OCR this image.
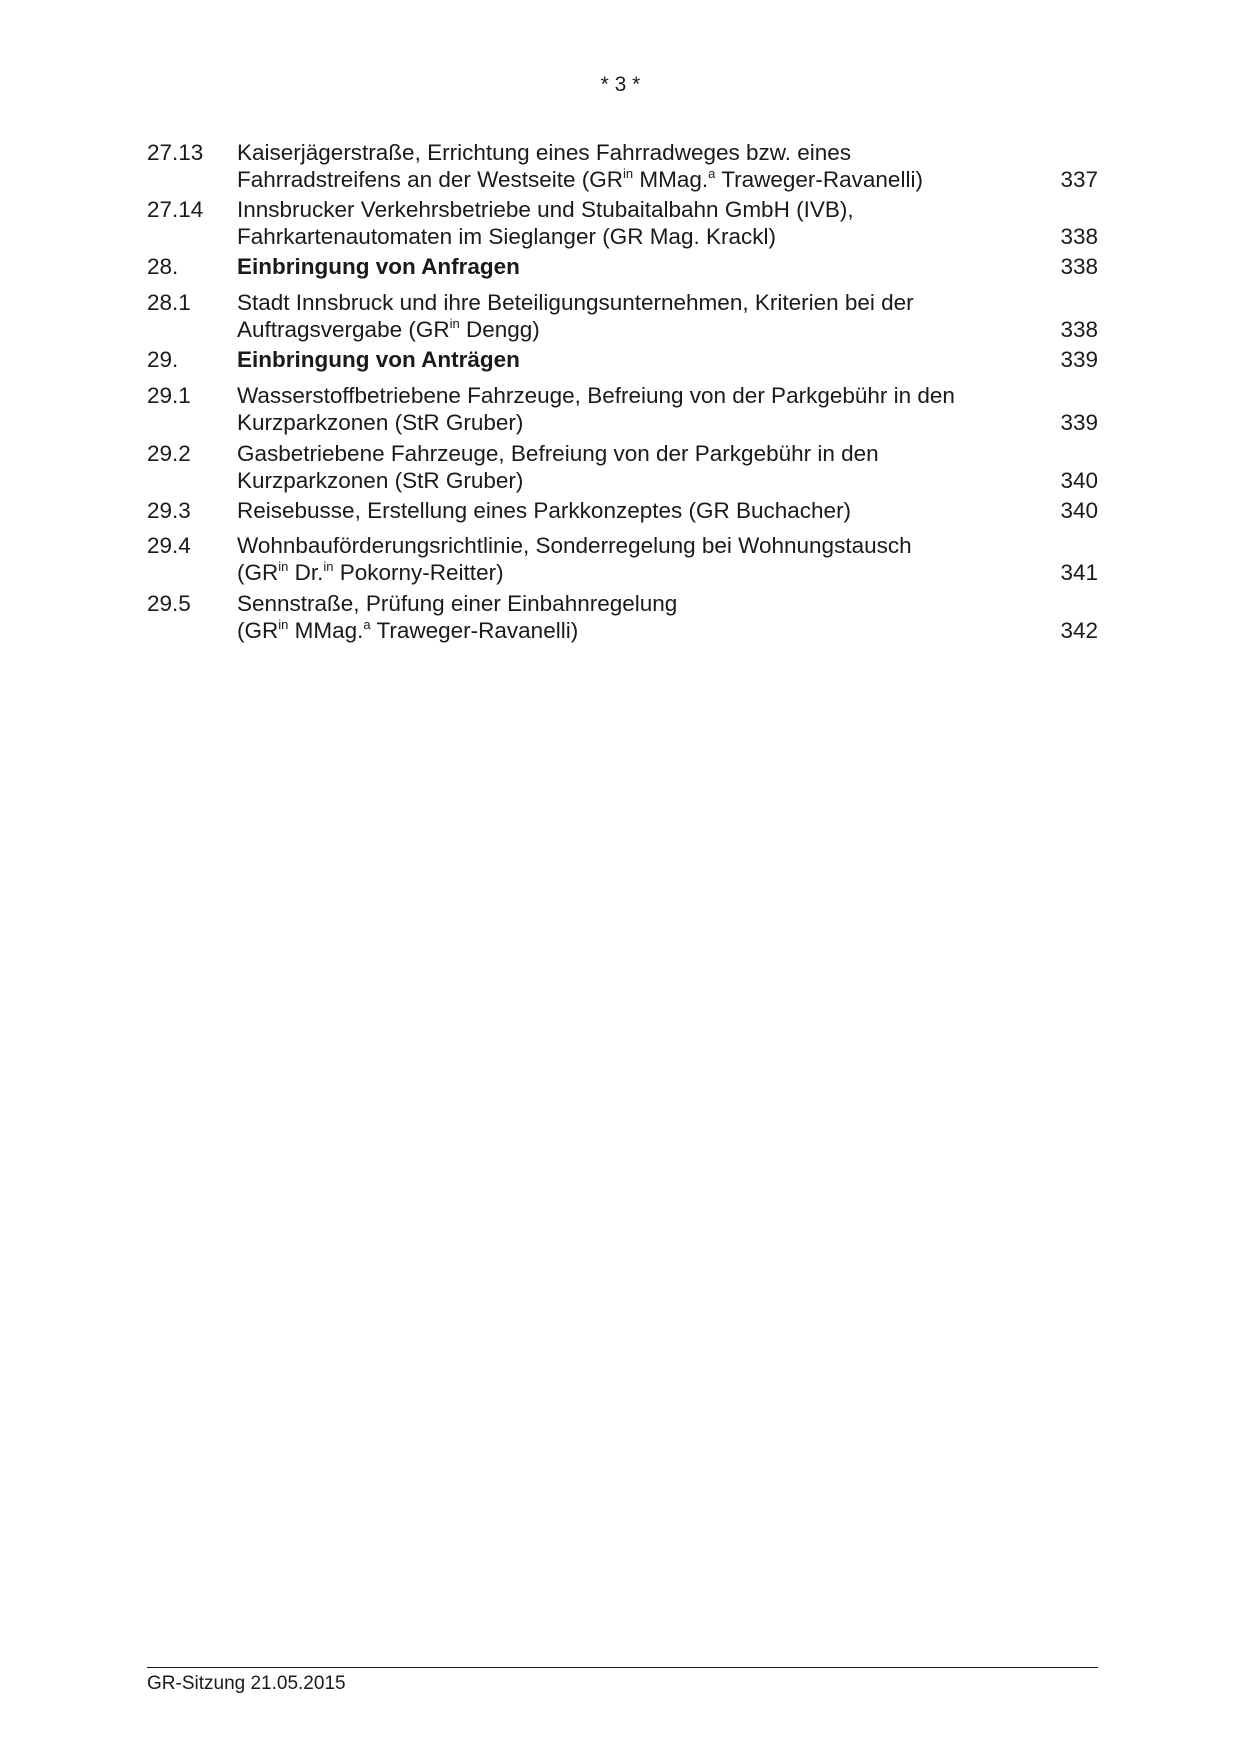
* 3 *
27.13 Kaiserjägerstraße, Errichtung eines Fahrradweges bzw. eines
Fahrradstreifens an der Westseite ($GR^{in}$ MMag.$^a$ Traweger-Ravanelli)	337
27.14 Innsbrucker Verkehrsbetriebe und Stubaitalbahn GmbH (IVB),
Fahrkartenautomaten im Sieglanger (GR Mag. Krackl)	338
28.	Einbringung von Anfragen	338
28.1 Stadt Innsbruck und ihre Beteiligungsunternehmen, Kriterien bei der
Auftragsvergabe ($GR^{in}$ Dengg)	338
29.	Einbringung von Anträgen	339
29.1 Wasserstoffbetriebene Fahrzeuge, Befreiung von der Parkgebühr in den
Kurzparkzonen (StR Gruber)	339
29.2 Gasbetriebene Fahrzeuge, Befreiung von der Parkgebühr in den
Kurzparkzonen (StR Gruber)	340
29.3 Reisebusse, Erstellung eines Parkkonzeptes (GR Buchacher)	340
29.4 Wohnbauförderungsrichtlinie, Sonderregelung bei Wohnungstausch
($GR^{in}$ Dr.$^{in}$ Pokorny-Reitter)	341
29.5 Sennstraße, Prüfung einer Einbahnregelung
($GR^{in}$ MMag.$^a$ Traweger-Ravanelli)	342
GR-Sitzung 21.05.2015
